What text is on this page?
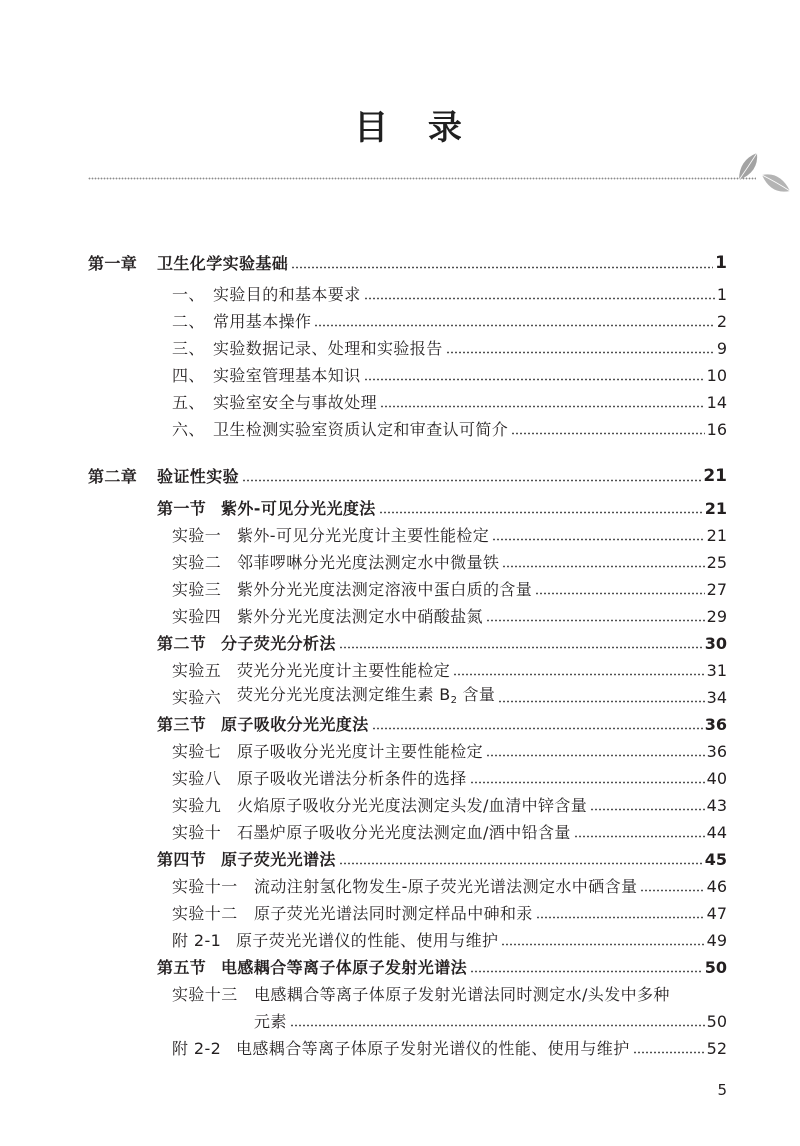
目 录
第一章	卫生化学实验基础	1
一、 实验目的和基本要求	1
二、 常用基本操作	2
三、 实验数据记录、处理和实验报告	9
四、 实验室管理基本知识	10
五、 实验室安全与事故处理	14
六、 卫生检测实验室资质认定和审查认可简介	16
第二章	验证性实验	21
第一节 紫外-可见分光光度法	21
实验一 紫外-可见分光光度计主要性能检定	21
实验二 邻菲啰啉分光光度法测定水中微量铁	25
实验三 紫外分光光度法测定溶液中蛋白质的含量	27
实验四 紫外分光光度法测定水中硝酸盐氮	29
第二节 分子荧光分析法	30
实验五 荧光分光光度计主要性能检定	31
实验六 荧光分光光度法测定维生素 $B_2$ 含量	34
第三节 原子吸收分光光度法	36
实验七 原子吸收分光光度计主要性能检定	36
实验八 原子吸收光谱法分析条件的选择	40
实验九 火焰原子吸收分光光度法测定头发/血清中锌含量	43
实验十 石墨炉原子吸收分光光度法测定血/酒中铅含量	44
第四节 原子荧光光谱法	45
实验十一	流动注射氢化物发生-原子荧光光谱法测定水中硒含量	46
实验十二	原子荧光光谱法同时测定样品中砷和汞	47
附 2-1 原子荧光光谱仪的性能、使用与维护	49
第五节 电感耦合等离子体原子发射光谱法	50
实验十三	电感耦合等离子体原子发射光谱法同时测定水/头发中多种
元素	50
附 2-2 电感耦合等离子体原子发射光谱仪的性能、使用与维护	52
5
